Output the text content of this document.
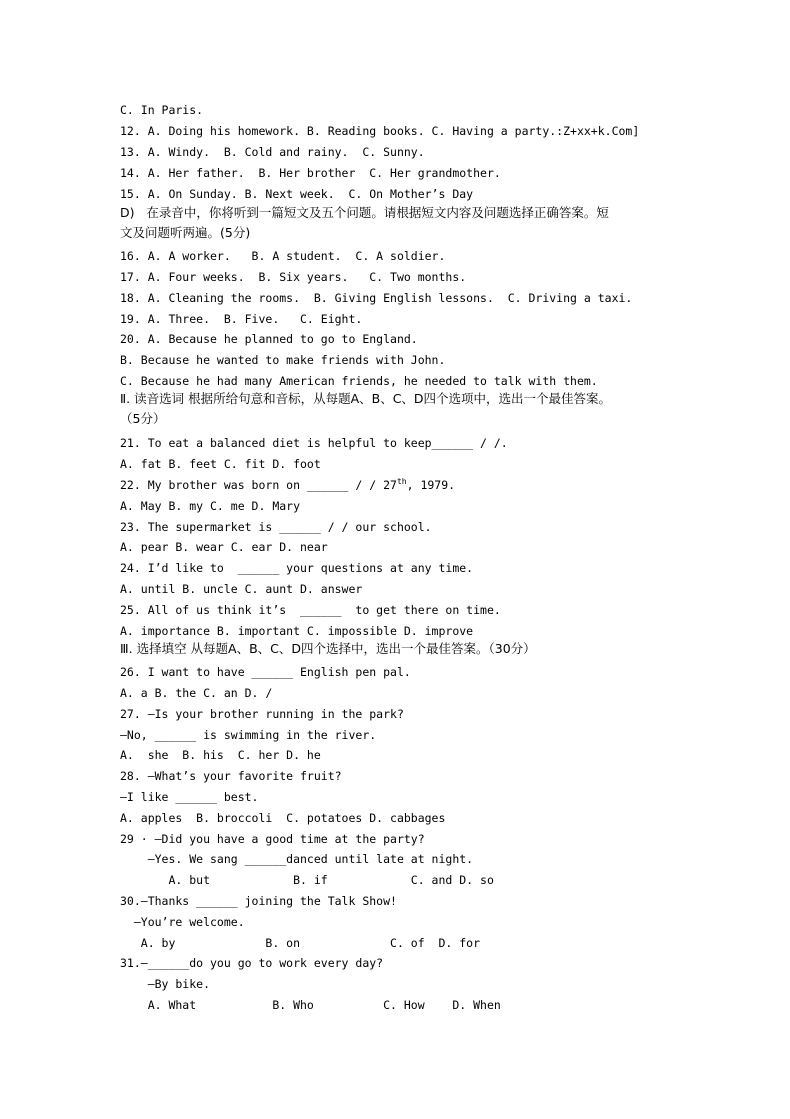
C. In Paris.
12. A. Doing his homework. B. Reading books. C. Having a party.:Z+xx+k.Com]
13. A. Windy.  B. Cold and rainy.  C. Sunny.
14. A. Her father.  B. Her brother  C. Her grandmother.
15. A. On Sunday. B. Next week.  C. On Mother’s Day
D)   在录音中，你将听到一篇短文及五个问题。请根据短文内容及问题选择正确答案。短
文及问题听两遍。(5分)
16. A. A worker.   B. A student.  C. A soldier.
17. A. Four weeks.  B. Six years.   C. Two months.
18. A. Cleaning the rooms.  B. Giving English lessons.  C. Driving a taxi.
19. A. Three.  B. Five.   C. Eight.
20. A. Because he planned to go to England.
B. Because he wanted to make friends with John.
C. Because he had many American friends, he needed to talk with them.
Ⅱ. 读音选词 根据所给句意和音标，从每题A、B、C、D四个选项中，选出一个最佳答案。
（5分）
21. To eat a balanced diet is helpful to keep______ / /.
A. fat B. feet C. fit D. foot
22. My brother was born on ______ / / 27th, 1979.
A. May B. my C. me D. Mary
23. The supermarket is ______ / / our school.
A. pear B. wear C. ear D. near
24. I’d like to  ______ your questions at any time.
A. until B. uncle C. aunt D. answer
25. All of us think it’s  ______  to get there on time.
A. importance B. important C. impossible D. improve
Ⅲ. 选择填空 从每题A、B、C、D四个选择中，选出一个最佳答案。（30分）
26. I want to have ______ English pen pal.
A. a B. the C. an D. /
27. —Is your brother running in the park?
—No, ______ is swimming in the river.
A.  she  B. his  C. her D. he
28. —What’s your favorite fruit?
—I like ______ best.
A. apples  B. broccoli  C. potatoes D. cabbages
29 · —Did you have a good time at the party?
—Yes. We sang ______danced until late at night.
A. but            B. if            C. and D. so
30.—Thanks ______ joining the Talk Show!
—You’re welcome.
A. by             B. on             C. of  D. for
31.—______do you go to work every day?
—By bike.
A. What           B. Who          C. How    D. When
